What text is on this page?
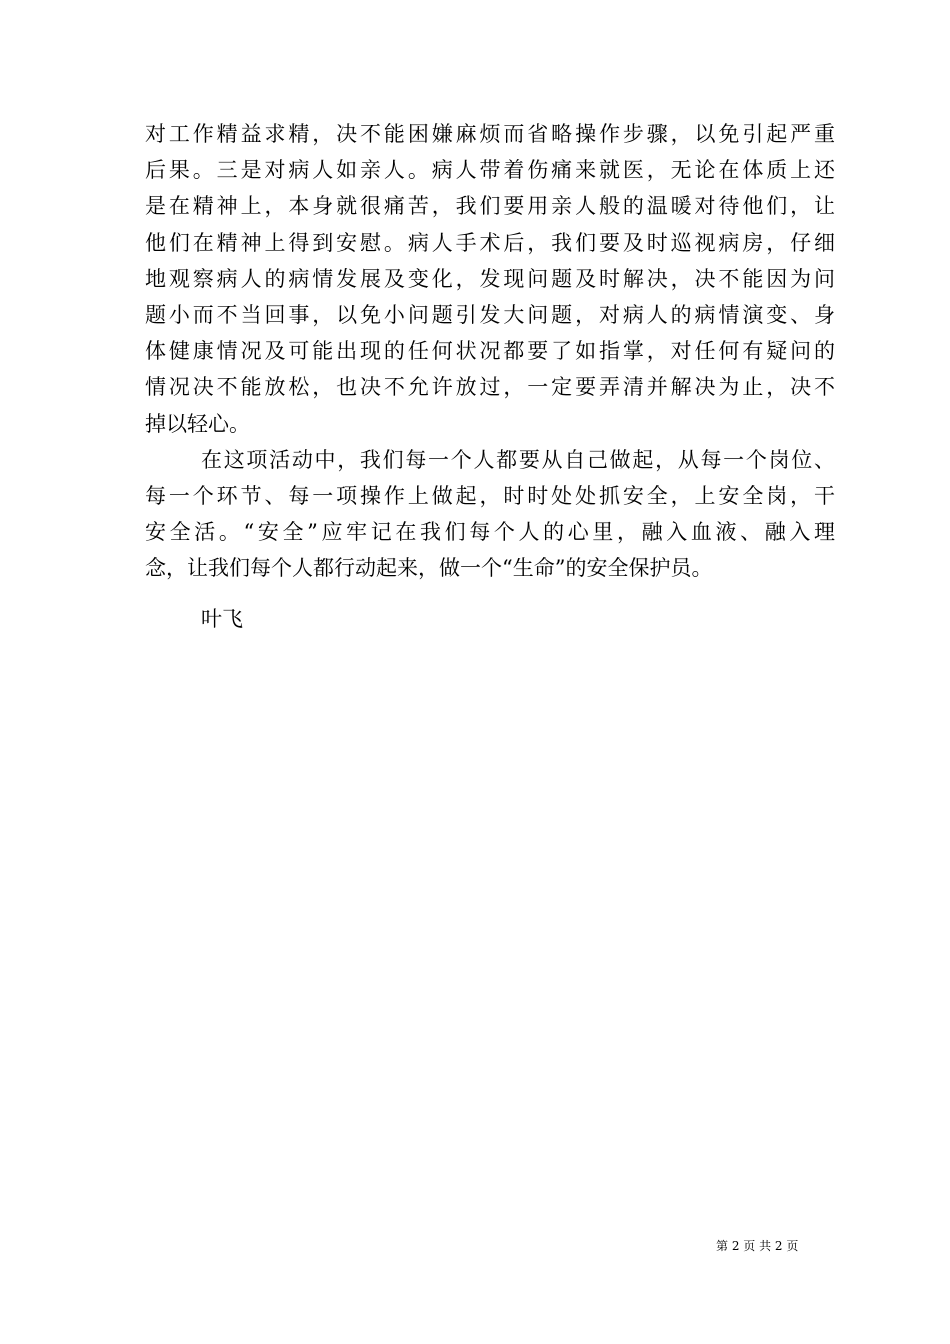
对工作精益求精，决不能困嫌麻烦而省略操作步骤，以免引起严重
后果。三是对病人如亲人。病人带着伤痛来就医，无论在体质上还
是在精神上，本身就很痛苦，我们要用亲人般的温暖对待他们，让
他们在精神上得到安慰。病人手术后，我们要及时巡视病房，仔细
地观察病人的病情发展及变化，发现问题及时解决，决不能因为问
题小而不当回事，以免小问题引发大问题，对病人的病情演变、身
体健康情况及可能出现的任何状况都要了如指掌，对任何有疑问的
情况决不能放松，也决不允许放过，一定要弄清并解决为止，决不
掉以轻心。
在这项活动中，我们每一个人都要从自己做起，从每一个岗位、
每一个环节、每一项操作上做起，时时处处抓安全，上安全岗，干
安全活。“安全”应牢记在我们每个人的心里，融入血液、融入理
念，让我们每个人都行动起来，做一个“生命”的安全保护员。
叶飞
第 2 页 共 2 页
